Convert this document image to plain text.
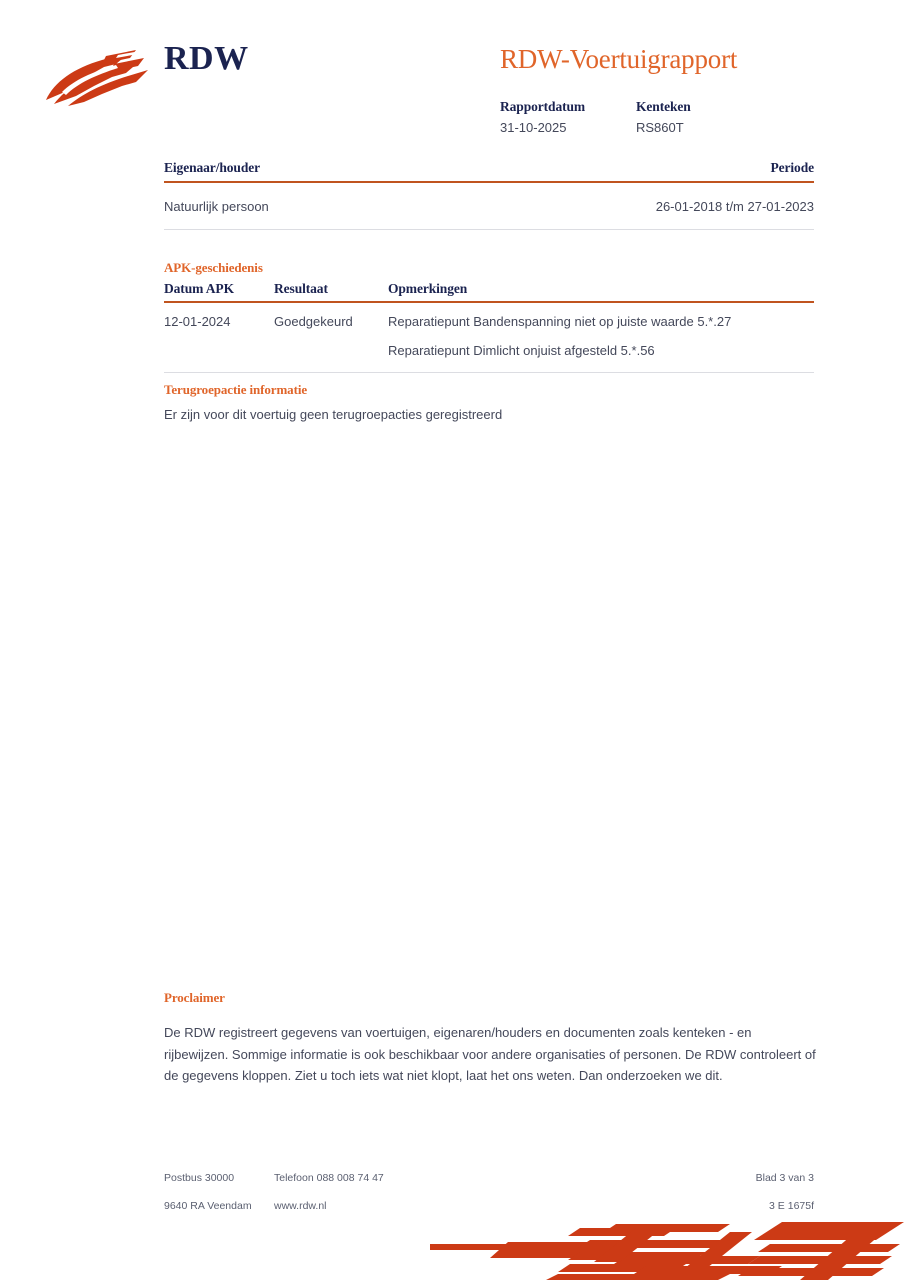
RDW	RDW-Voertuigrapport
Rapportdatum	Kenteken
31-10-2025	RS860T
Eigenaar/houder	Periode
Natuurlijk persoon	26-01-2018 t/m 27-01-2023
APK-geschiedenis
Datum APK	Resultaat	Opmerkingen
12-01-2024	Goedgekeurd	Reparatiepunt Bandenspanning niet op juiste waarde 5.*.27
Reparatiepunt Dimlicht onjuist afgesteld 5.*.56
Terugroepactie informatie
Er zijn voor dit voertuig geen terugroepacties geregistreerd
Proclaimer
De RDW registreert gegevens van voertuigen, eigenaren/houders en documenten zoals kenteken - en rijbewijzen. Sommige informatie is ook beschikbaar voor andere organisaties of personen. De RDW controleert of de gegevens kloppen. Ziet u toch iets wat niet klopt, laat het ons weten. Dan onderzoeken we dit.
Postbus 30000	Telefoon 088 008 74 47	Blad 3 van 3
9640 RA Veendam	www.rdw.nl	3 E 1675f
